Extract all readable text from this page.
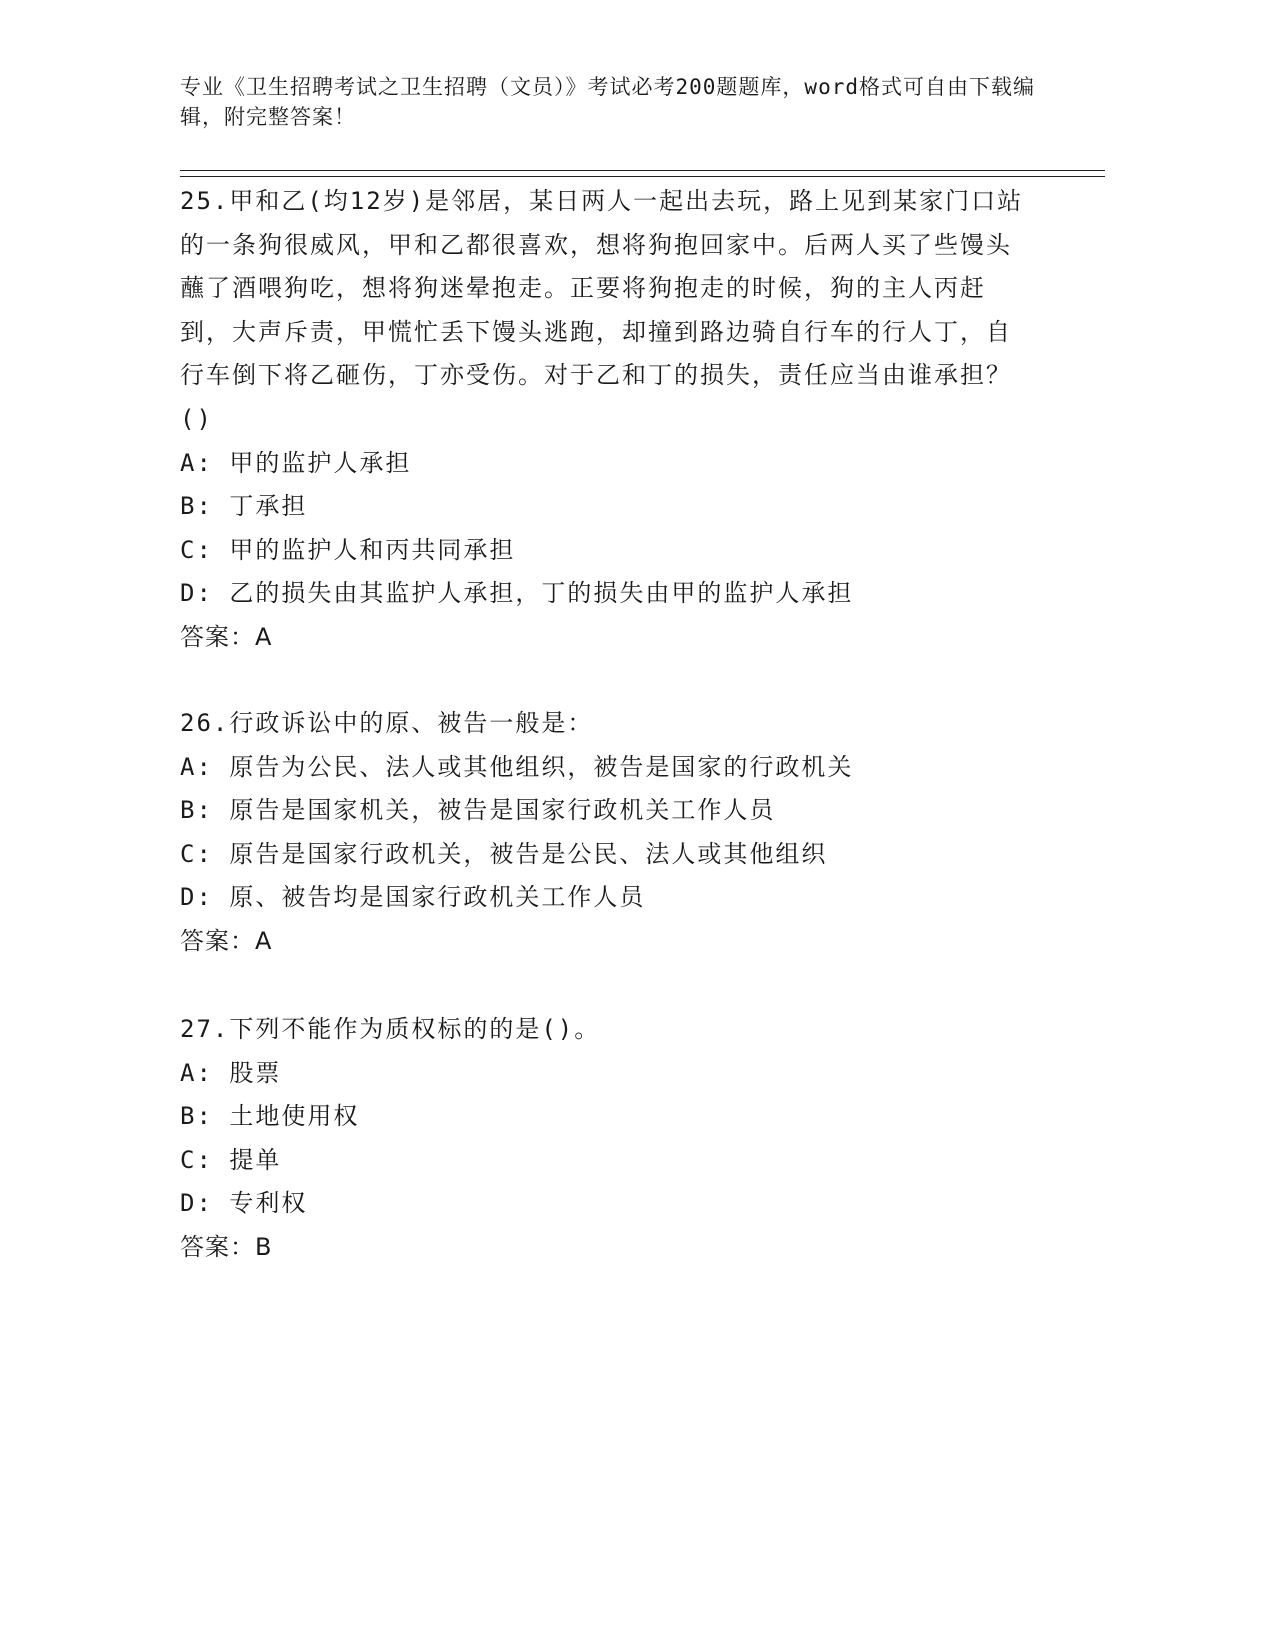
专业《卫生招聘考试之卫生招聘（文员）》考试必考200题题库，word格式可自由下载编辑，附完整答案！

25.甲和乙(均12岁)是邻居，某日两人一起出去玩，路上见到某家门口站的一条狗很威风，甲和乙都很喜欢，想将狗抱回家中。后两人买了些馒头蘸了酒喂狗吃，想将狗迷晕抱走。正要将狗抱走的时候，狗的主人丙赶到，大声斥责，甲慌忙丢下馒头逃跑，却撞到路边骑自行车的行人丁，自行车倒下将乙砸伤，丁亦受伤。对于乙和丁的损失，责任应当由谁承担？()

A: 甲的监护人承担

B: 丁承担

C: 甲的监护人和丙共同承担

D: 乙的损失由其监护人承担，丁的损失由甲的监护人承担

答案：A

26.行政诉讼中的原、被告一般是：

A: 原告为公民、法人或其他组织，被告是国家的行政机关

B: 原告是国家机关，被告是国家行政机关工作人员

C: 原告是国家行政机关，被告是公民、法人或其他组织

D: 原、被告均是国家行政机关工作人员

答案：A

27.下列不能作为质权标的的是()。

A: 股票

B: 土地使用权

C: 提单

D: 专利权

答案：B
